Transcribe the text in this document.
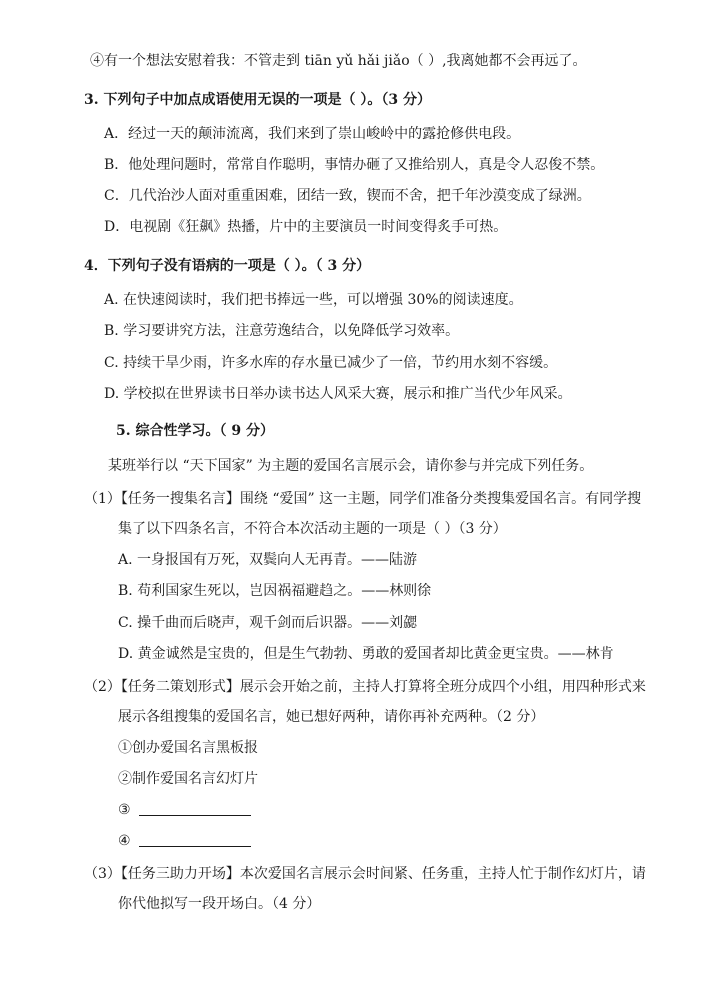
④有一个想法安慰着我：不管走到 tiān yǔ hǎi jiǎo（ ）,我离她都不会再远了。
3. 下列句子中加点成语使用无误的一项是（ ）。（3 分）
A．经过一天的颠沛流离，我们来到了崇山峻岭中的露抢修供电段。
B．他处理问题时，常常自作聪明，事情办砸了又推给别人，真是令人忍俊不禁。
C．几代治沙人面对重重困难，团结一致，锲而不舍，把千年沙漠变成了绿洲。
D．电视剧《狂飙》热播，片中的主要演员一时间变得炙手可热。
4．下列句子没有语病的一项是（ ）。（ 3 分）
A. 在快速阅读时，我们把书捧远一些，可以增强 30%的阅读速度。
B. 学习要讲究方法，注意劳逸结合，以免降低学习效率。
C. 持续干旱少雨，许多水库的存水量已减少了一倍，节约用水刻不容缓。
D. 学校拟在世界读书日举办读书达人风采大赛，展示和推广当代少年风采。
5. 综合性学习。（ 9 分）
某班举行以 “天下国家” 为主题的爱国名言展示会，请你参与并完成下列任务。
（1）【任务一搜集名言】围绕 “爱国” 这一主题，同学们准备分类搜集爱国名言。有同学搜
集了以下四条名言，不符合本次活动主题的一项是（ ）（3 分）
A. 一身报国有万死，双鬓向人无再青。——陆游
B. 苟利国家生死以，岂因祸福避趋之。——林则徐
C. 操千曲而后晓声，观千剑而后识器。——刘勰
D. 黄金诚然是宝贵的，但是生气勃勃、勇敢的爱国者却比黄金更宝贵。——林肯
（2）【任务二策划形式】展示会开始之前，主持人打算将全班分成四个小组，用四种形式来
展示各组搜集的爱国名言，她已想好两种，请你再补充两种。（2 分）
①创办爱国名言黑板报
②制作爱国名言幻灯片
③
④
（3）【任务三助力开场】本次爱国名言展示会时间紧、任务重，主持人忙于制作幻灯片，请
你代他拟写一段开场白。（4 分）
